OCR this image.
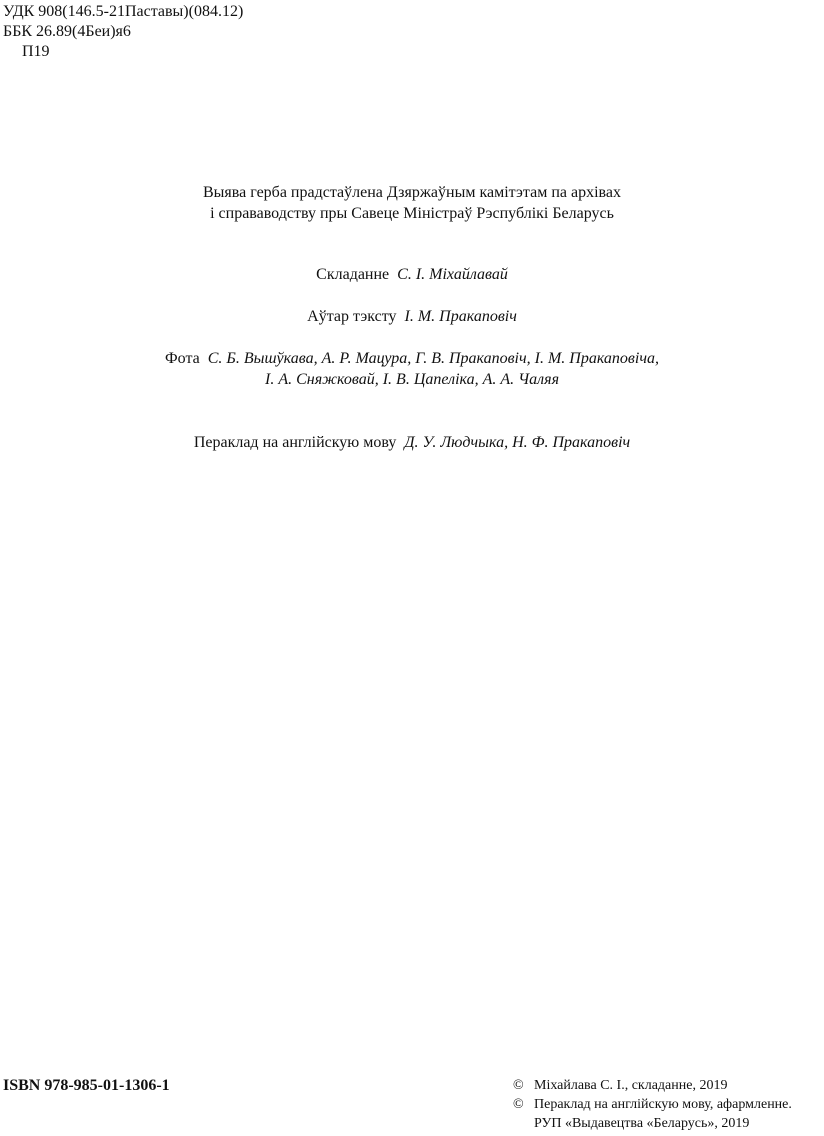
УДК 908(146.5-21Паставы)(084.12)
ББК 26.89(4Беи)я6
П19
Выява герба прадстаўлена Дзяржаўным камітэтам па архівах
і справаводству пры Савеце Міністраў Рэспублікі Беларусь
Складанне С. І. Міхайлавай
Аўтар тэксту І. М. Пракаповіч
Фота С. Б. Вышўкава, А. Р. Мацура, Г. В. Пракаповіч, І. М. Пракаповіча,
І. А. Сняжковай, І. В. Цапеліка, А. А. Чаляя
Пераклад на англійскую мову Д. У. Людчыка, Н. Ф. Пракаповіч
ISBN 978-985-01-1306-1	© Міхайлава С. І., складанне, 2019
© Пераклад на англійскую мову, афармленне.
РУП «Выдавецтва «Беларусь», 2019
